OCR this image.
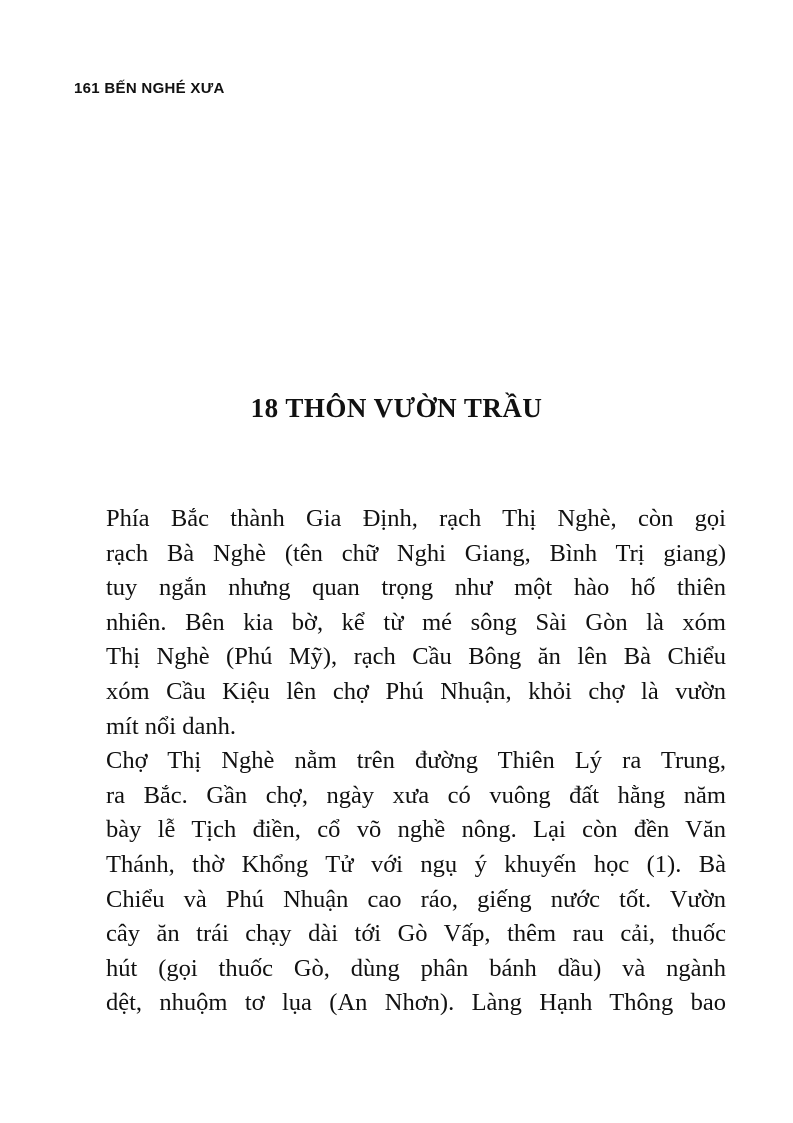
161 BẾN NGHÉ XƯA
18 THÔN VƯỜN TRẦU

Phía Bắc thành Gia Định, rạch Thị Nghè, còn gọi
rạch Bà Nghè (tên chữ Nghi Giang, Bình Trị giang)
tuy ngắn nhưng quan trọng như một hào hố thiên
nhiên. Bên kia bờ, kể từ mé sông Sài Gòn là xóm
Thị Nghè (Phú Mỹ), rạch Cầu Bông ăn lên Bà Chiểu
xóm Cầu Kiệu lên chợ Phú Nhuận, khỏi chợ là vườn
mít nổi danh.

Chợ Thị Nghè nằm trên đường Thiên Lý ra Trung,
ra Bắc. Gần chợ, ngày xưa có vuông đất hằng năm
bày lễ Tịch điền, cổ võ nghề nông. Lại còn đền Văn
Thánh, thờ Khổng Tử với ngụ ý khuyến học (1). Bà
Chiểu và Phú Nhuận cao ráo, giếng nước tốt. Vườn
cây ăn trái chạy dài tới Gò Vấp, thêm rau cải, thuốc
hút (gọi thuốc Gò, dùng phân bánh dầu) và ngành
dệt, nhuộm tơ lụa (An Nhơn). Làng Hạnh Thông bao
